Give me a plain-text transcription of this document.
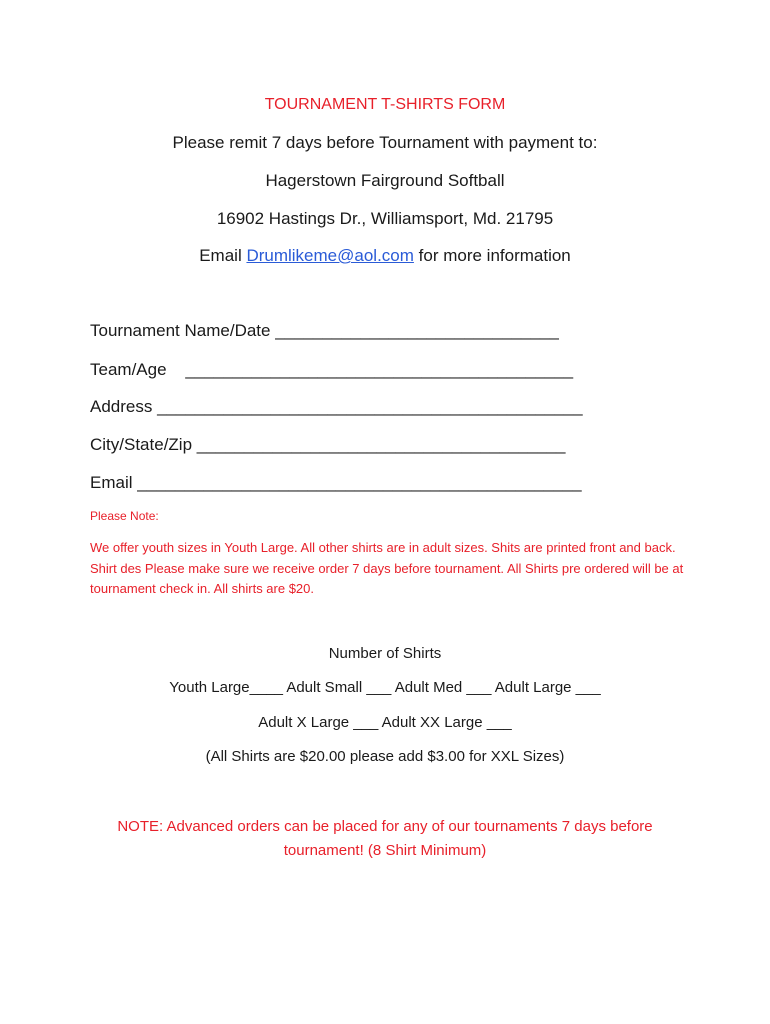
TOURNAMENT T-SHIRTS FORM
Please remit 7 days before Tournament with payment to:
Hagerstown Fairground Softball
16902 Hastings Dr., Williamsport, Md. 21795
Email Drumlikeme@aol.com for more information
Tournament Name/Date ______________________________
Team/Age    _________________________________________
Address _____________________________________________
City/State/Zip _______________________________________
Email _______________________________________________
Please Note:
We offer youth sizes in Youth Large. All other shirts are in adult sizes. Shits are printed front and back. Shirt des Please make sure we receive order 7 days before tournament. All Shirts pre ordered will be at tournament check in. All shirts are $20.
Number of Shirts
Youth Large____ Adult Small ___ Adult Med ___ Adult Large ___
Adult X Large ___ Adult XX Large ___
(All Shirts are $20.00 please add $3.00 for XXL Sizes)
NOTE: Advanced orders can be placed for any of our tournaments 7 days before
tournament! (8 Shirt Minimum)
